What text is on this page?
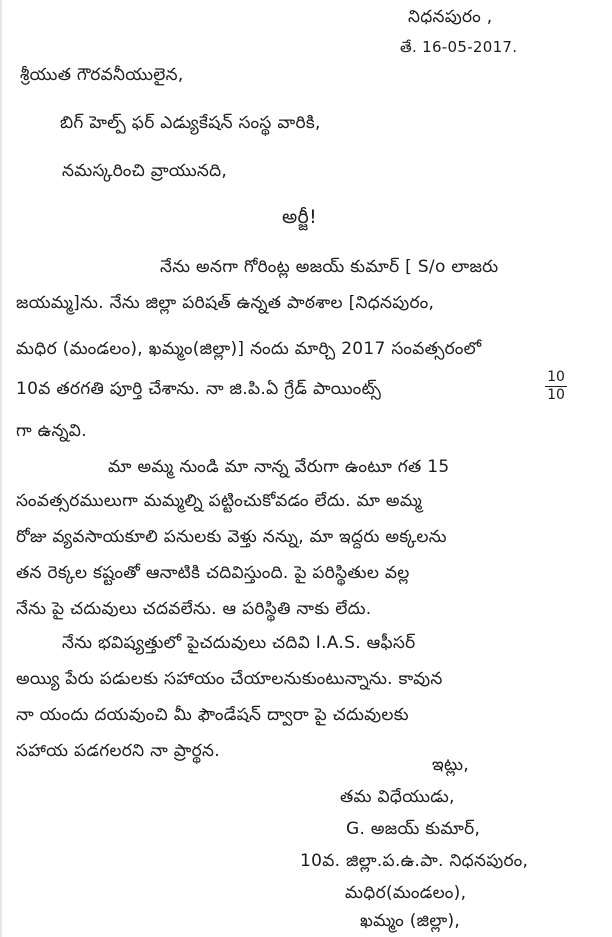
నిధనపురం ,

తే. 16-05-2017.

శ్రీయుత గౌరవనీయులైన,

బిగ్ హెల్ప్ ఫర్ ఎడ్యుకేషన్ సంస్థ వారికి,

నమస్కరించి వ్రాయునది,

అర్జీ!

నేను అనగా గోరింట్ల అజయ్ కుమార్ [ S/o లాజరు

జయమ్మ]ను. నేను జిల్లా పరిషత్ ఉన్నత పాఠశాల [నిధనపురం,

మధిర (మండలం), ఖమ్మం(జిల్లా)] నందు మార్చి 2017 సంవత్సరంలో

10వ తరగతి పూర్తి చేశాను. నా జి.పి.ఏ గ్రేడ్ పాయింట్స్

10
10

గా ఉన్నవి.

మా అమ్మ నుండి మా నాన్న వేరుగా ఉంటూ గత 15

సంవత్సరములుగా మమ్మల్ని పట్టించుకోవడం లేదు. మా అమ్మ

రోజు వ్యవసాయకూలి పనులకు వెళ్తు నన్ను, మా ఇద్దరు అక్కలను

తన రెక్కల కష్టంతో ఆనాటికి చదివిస్తుంది. పై పరిస్థితుల వల్ల

నేను పై చదువులు చదవలేను. ఆ పరిస్థితి నాకు లేదు.

నేను భవిష్యత్తులో పైచదువులు చదివి I.A.S. ఆఫీసర్

అయ్యి పేరు పడులకు సహాయం చేయాలనుకుంటున్నాను. కావున

నా యందు దయవుంచి మీ ఫౌండేషన్ ద్వారా పై చదువులకు

సహాయ పడగలరని నా ప్రార్థన.

ఇట్లు,

తమ విధేయుడు,

G. అజయ్ కుమార్,

10వ. జిల్లా.ప.ఉ.పా. నిధనపురం,

మధిర(మండలం),

ఖమ్మం (జిల్లా),
